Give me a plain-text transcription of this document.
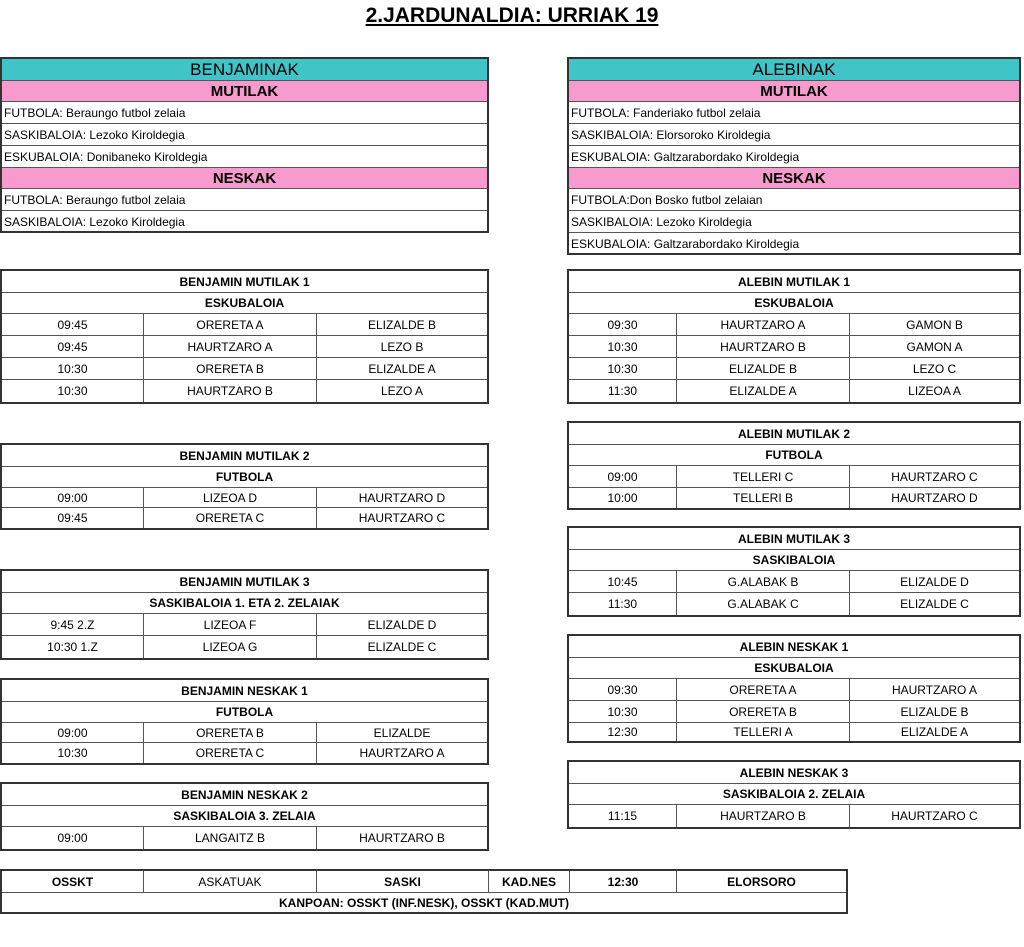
2.JARDUNALDIA: URRIAK 19
BENJAMINAK
MUTILAK
FUTBOLA: Beraungo futbol zelaia
SASKIBALOIA: Lezoko Kiroldegia
ESKUBALOIA: Donibaneko Kiroldegia
NESKAK
FUTBOLA: Beraungo futbol zelaia
SASKIBALOIA: Lezoko Kiroldegia
ALEBINAK
MUTILAK
FUTBOLA: Fanderiako futbol zelaia
SASKIBALOIA: Elorsoroko Kiroldegia
ESKUBALOIA: Galtzarabordako Kiroldegia
NESKAK
FUTBOLA:Don Bosko futbol zelaian
SASKIBALOIA: Lezoko Kiroldegia
ESKUBALOIA: Galtzarabordako Kiroldegia
BENJAMIN MUTILAK 1
ESKUBALOIA
09:45	ORERETA A	ELIZALDE B
09:45	HAURTZARO A	LEZO B
10:30	ORERETA B	ELIZALDE A
10:30	HAURTZARO B	LEZO A
BENJAMIN MUTILAK 2
FUTBOLA
09:00	LIZEOA D	HAURTZARO D
09:45	ORERETA C	HAURTZARO C
BENJAMIN MUTILAK 3
SASKIBALOIA 1. ETA 2. ZELAIAK
9:45 2.Z	LIZEOA F	ELIZALDE D
10:30 1.Z	LIZEOA G	ELIZALDE C
BENJAMIN NESKAK 1
FUTBOLA
09:00	ORERETA B	ELIZALDE
10:30	ORERETA C	HAURTZARO A
BENJAMIN NESKAK 2
SASKIBALOIA 3. ZELAIA
09:00	LANGAITZ B	HAURTZARO B
ALEBIN MUTILAK 1
ESKUBALOIA
09:30	HAURTZARO A	GAMON B
10:30	HAURTZARO B	GAMON A
10:30	ELIZALDE B	LEZO C
11:30	ELIZALDE A	LIZEOA A
ALEBIN MUTILAK 2
FUTBOLA
09:00	TELLERI C	HAURTZARO C
10:00	TELLERI B	HAURTZARO D
ALEBIN MUTILAK 3
SASKIBALOIA
10:45	G.ALABAK B	ELIZALDE D
11:30	G.ALABAK C	ELIZALDE C
ALEBIN NESKAK 1
ESKUBALOIA
09:30	ORERETA A	HAURTZARO A
10:30	ORERETA B	ELIZALDE B
12:30	TELLERI A	ELIZALDE A
ALEBIN NESKAK 3
SASKIBALOIA 2. ZELAIA
11:15	HAURTZARO B	HAURTZARO C
OSSKT	ASKATUAK	SASKI	KAD.NES	12:30	ELORSORO
KANPOAN: OSSKT (INF.NESK), OSSKT (KAD.MUT)
